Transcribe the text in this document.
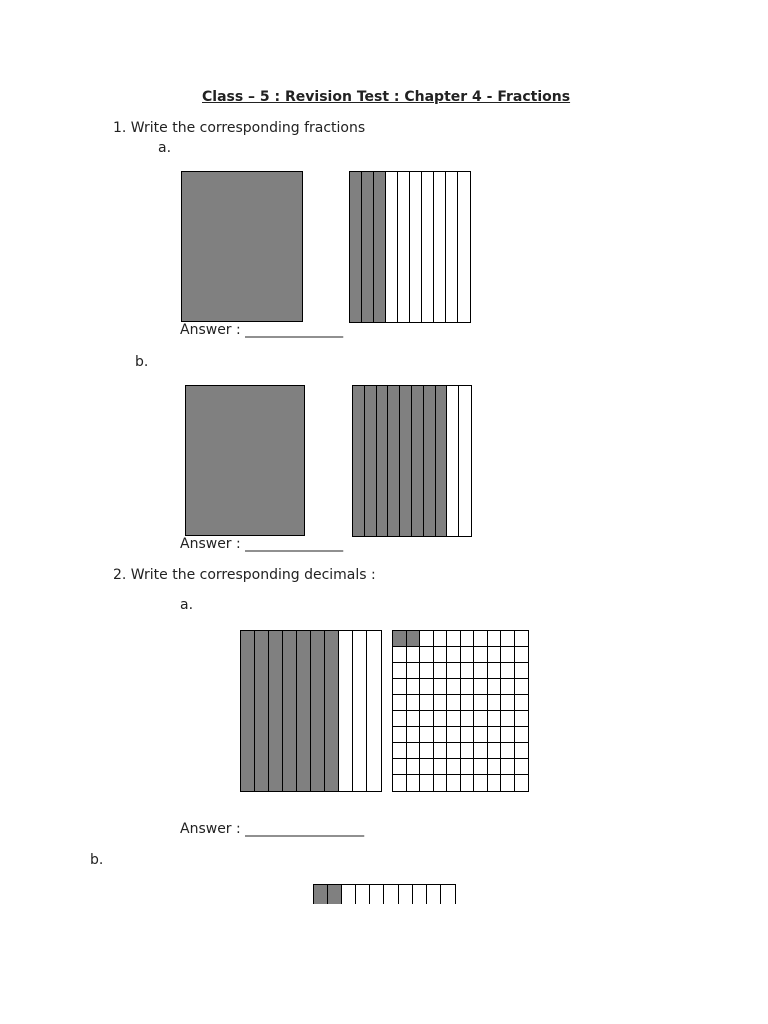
Class – 5 : Revision Test : Chapter 4 - Fractions
1. Write the corresponding fractions
a.
Answer : ______________
b.
Answer : ______________
2. Write the corresponding decimals :
a.
Answer : _________________
b.
